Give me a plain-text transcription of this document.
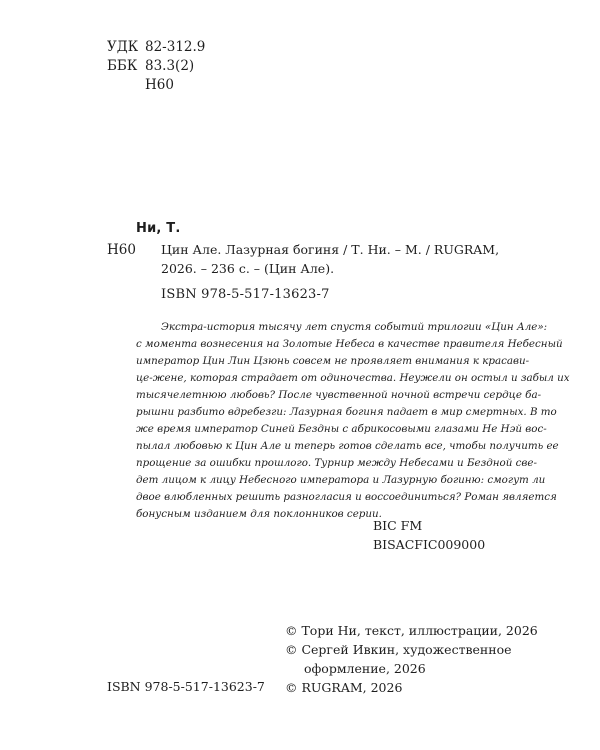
УДК 82-312.9
ББК 83.3(2)
Н60
Ни, Т.
Н60 Цин Але. Лазурная богиня / Т. Ни. – М. / RUGRAM,
2026. – 236 с. – (Цин Але).
ISBN 978-5-517-13623-7
Экстра-история тысячу лет спустя событий трилогии «Цин Але»:
с момента вознесения на Золотые Небеса в качестве правителя Небесный
император Цин Лин Цзюнь совсем не проявляет внимания к красави-
це-жене, которая страдает от одиночества. Неужели он остыл и забыл их
тысячелетнюю любовь? После чувственной ночной встречи сердце ба-
рышни разбито вдребезги: Лазурная богиня падает в мир смертных. В то
же время император Синей Бездны с абрикосовыми глазами Не Нэй вос-
пылал любовью к Цин Але и теперь готов сделать все, чтобы получить ее
прощение за ошибки прошлого. Турнир между Небесами и Бездной све-
дет лицом к лицу Небесного императора и Лазурную богиню: смогут ли
двое влюбленных решить разногласия и воссоединиться? Роман является
бонусным изданием для поклонников серии.
BIC FM
BISACFIC009000
© Тори Ни, текст, иллюстрации, 2026
© Сергей Ивкин, художественное
оформление, 2026
© RUGRAM, 2026
ISBN 978-5-517-13623-7
